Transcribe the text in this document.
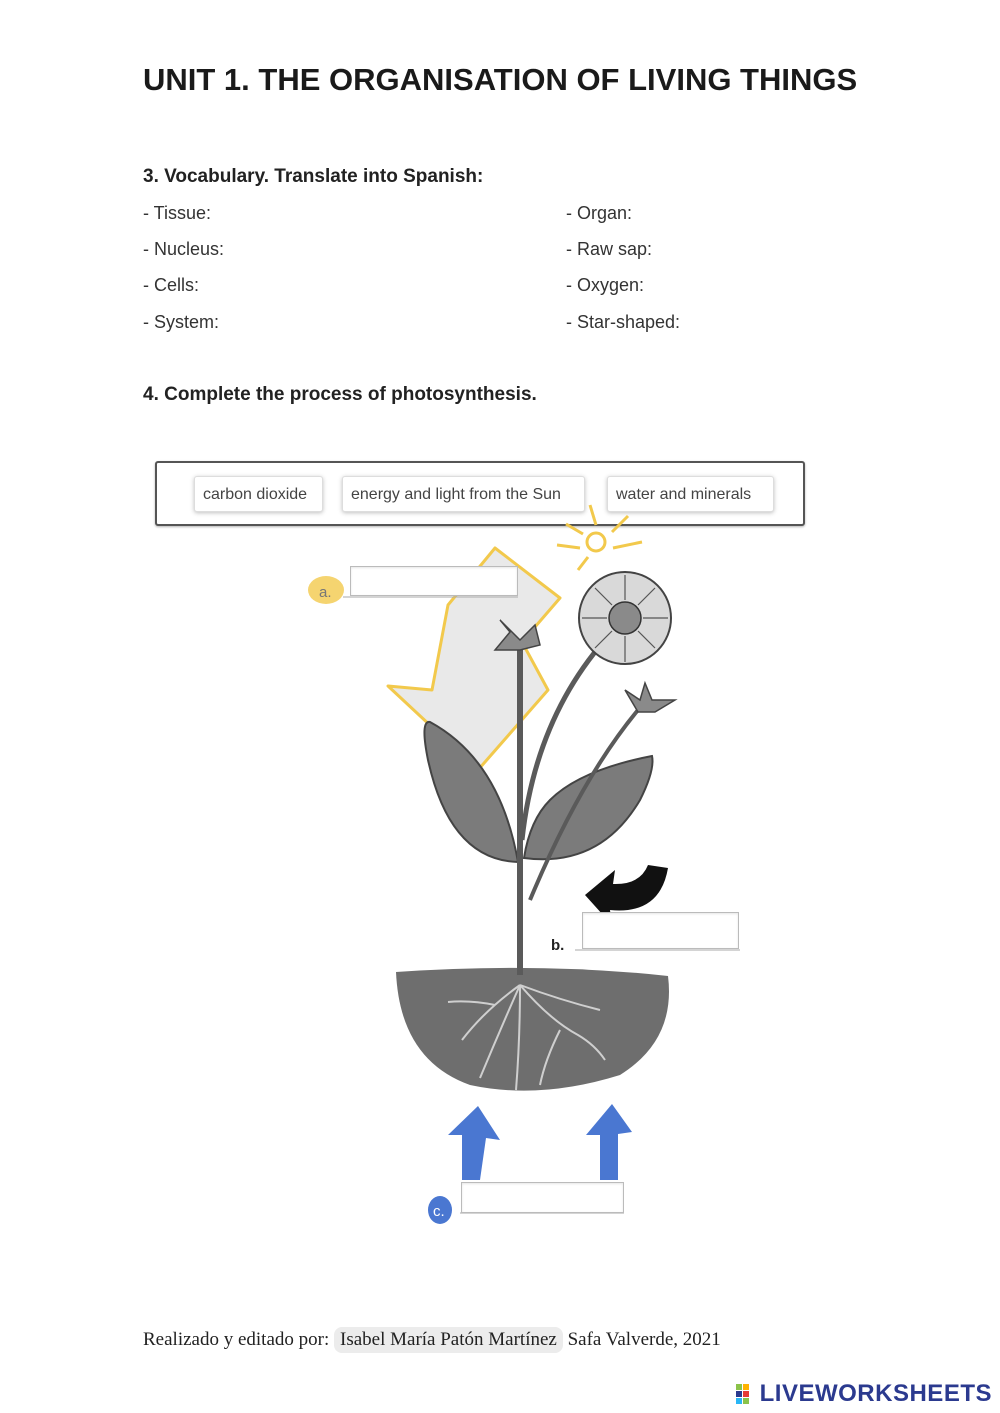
UNIT 1. THE ORGANISATION OF LIVING THINGS
3. Vocabulary. Translate into Spanish:
- Tissue:
- Nucleus:
- Cells:
- System:
- Organ:
- Raw sap:
- Oxygen:
- Star-shaped:
4. Complete the process of photosynthesis.
carbon dioxide	energy and light from the Sun	water and minerals
a.
b.
c.
Realizado y editado por: Isabel María Patón Martínez Safa Valverde, 2021
LIVEWORKSHEETS
